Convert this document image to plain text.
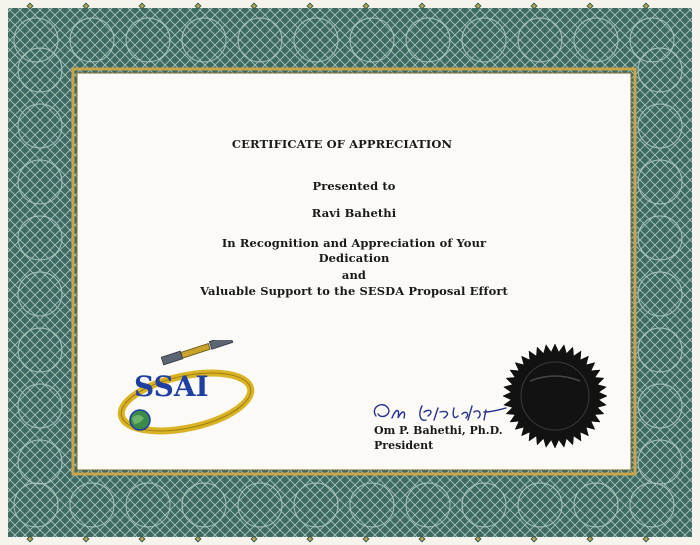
CERTIFICATE OF APPRECIATION
Presented to
Ravi Bahethi
In Recognition and Appreciation of Your
Dedication
and
Valuable Support to the SESDA Proposal Effort
SSAI
Om P. Bahethi, Ph.D.
President
